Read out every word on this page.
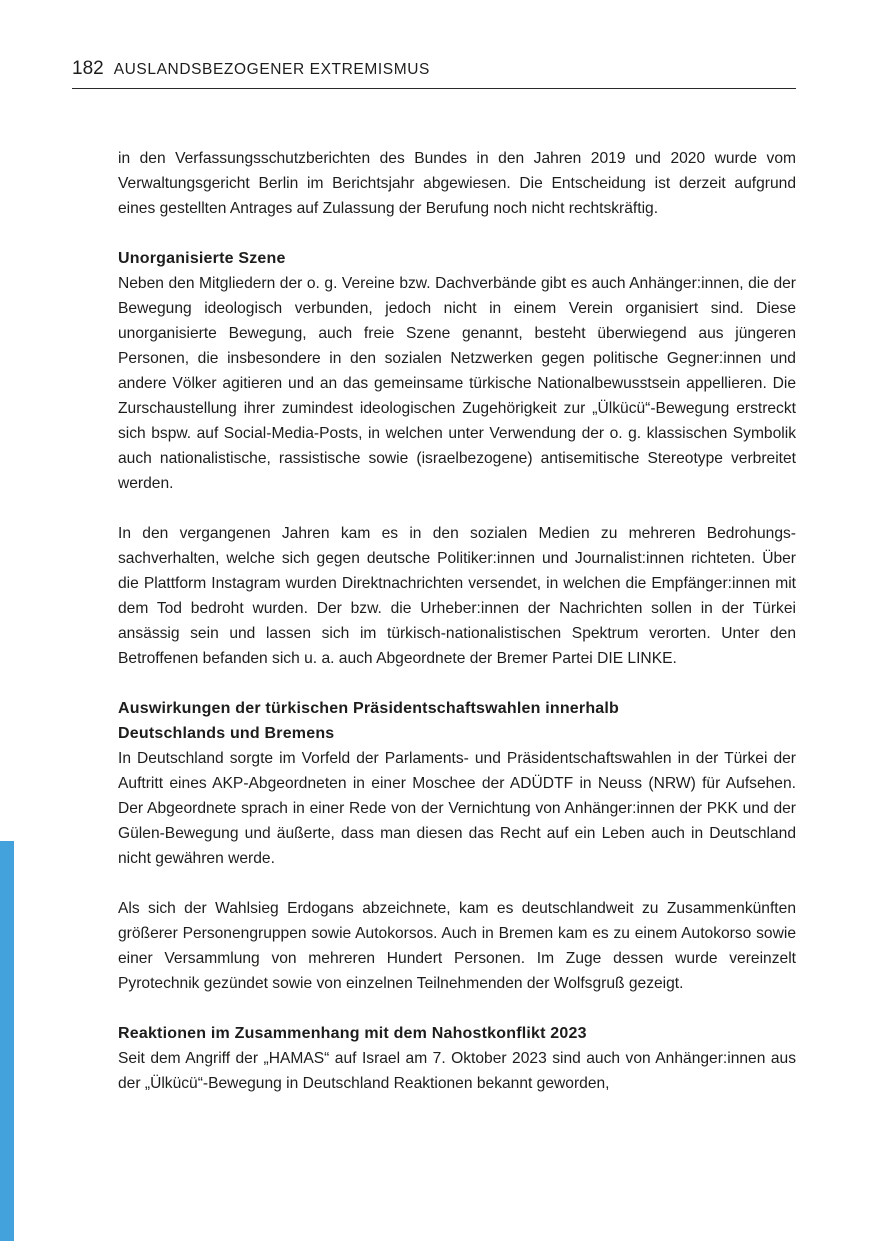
182 AUSLANDSBEZOGENER EXTREMISMUS

in den Verfassungsschutzberichten des Bundes in den Jahren 2019 und 2020 wurde vom Verwaltungsgericht Berlin im Berichtsjahr abgewiesen. Die Entscheidung ist derzeit aufgrund eines gestellten Antrages auf Zulassung der Berufung noch nicht rechtskräftig.

Unorganisierte Szene

Neben den Mitgliedern der o. g. Vereine bzw. Dachverbände gibt es auch Anhänger:innen, die der Bewegung ideologisch verbunden, jedoch nicht in einem Verein organisiert sind. Diese unorganisierte Bewegung, auch freie Szene genannt, besteht überwiegend aus jüngeren Personen, die insbesondere in den sozialen Netzwerken gegen politische Gegner:innen und andere Völker agitieren und an das gemeinsame türkische Nationalbewusstsein appellieren. Die Zurschaustellung ihrer zumindest ideologischen Zugehörigkeit zur „Ülkücü“-Bewegung erstreckt sich bspw. auf Social-Media-Posts, in welchen unter Verwendung der o. g. klassischen Symbolik auch nationalistische, rassistische sowie (israelbezogene) antisemitische Stereotype verbreitet werden.

In den vergangenen Jahren kam es in den sozialen Medien zu mehreren Bedrohungssachverhalten, welche sich gegen deutsche Politiker:innen und Journalist:innen richteten. Über die Plattform Instagram wurden Direktnachrichten versendet, in welchen die Empfänger:innen mit dem Tod bedroht wurden. Der bzw. die Urheber:innen der Nachrichten sollen in der Türkei ansässig sein und lassen sich im türkisch-nationalistischen Spektrum verorten. Unter den Betroffenen befanden sich u. a. auch Abgeordnete der Bremer Partei DIE LINKE.

Auswirkungen der türkischen Präsidentschaftswahlen innerhalb Deutschlands und Bremens

In Deutschland sorgte im Vorfeld der Parlaments- und Präsidentschaftswahlen in der Türkei der Auftritt eines AKP-Abgeordneten in einer Moschee der ADÜDTF in Neuss (NRW) für Aufsehen. Der Abgeordnete sprach in einer Rede von der Vernichtung von Anhänger:innen der PKK und der Gülen-Bewegung und äußerte, dass man diesen das Recht auf ein Leben auch in Deutschland nicht gewähren werde.

Als sich der Wahlsieg Erdogans abzeichnete, kam es deutschlandweit zu Zusammenkünften größerer Personengruppen sowie Autokorsos. Auch in Bremen kam es zu einem Autokorso sowie einer Versammlung von mehreren Hundert Personen. Im Zuge dessen wurde vereinzelt Pyrotechnik gezündet sowie von einzelnen Teilnehmenden der Wolfsgruß gezeigt.

Reaktionen im Zusammenhang mit dem Nahostkonflikt 2023

Seit dem Angriff der „HAMAS“ auf Israel am 7. Oktober 2023 sind auch von Anhänger:innen aus der „Ülkücü“-Bewegung in Deutschland Reaktionen bekannt geworden,
